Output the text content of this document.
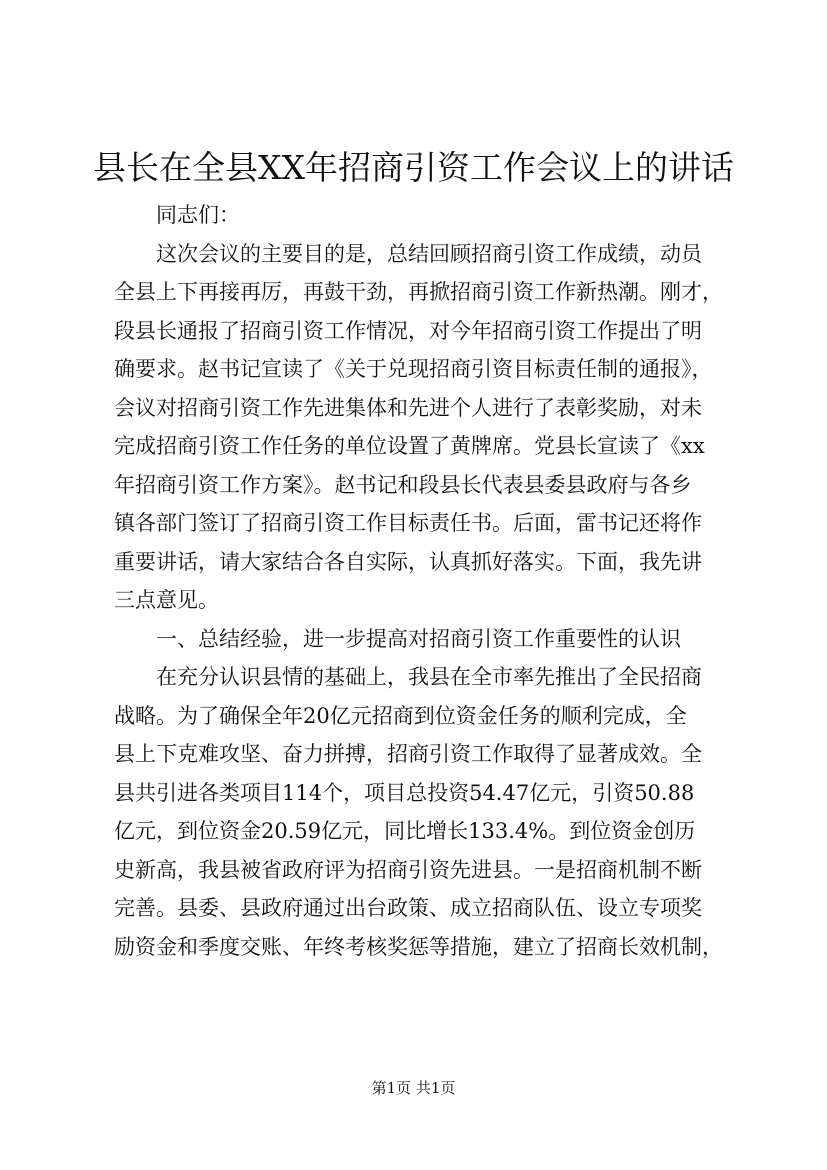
县长在全县XX年招商引资工作会议上的讲话
同志们：
这次会议的主要目的是，总结回顾招商引资工作成绩，动员
全县上下再接再厉，再鼓干劲，再掀招商引资工作新热潮。刚才，
段县长通报了招商引资工作情况，对今年招商引资工作提出了明
确要求。赵书记宣读了《关于兑现招商引资目标责任制的通报》，
会议对招商引资工作先进集体和先进个人进行了表彰奖励，对未
完成招商引资工作任务的单位设置了黄牌席。党县长宣读了《xx
年招商引资工作方案》。赵书记和段县长代表县委县政府与各乡
镇各部门签订了招商引资工作目标责任书。后面，雷书记还将作
重要讲话，请大家结合各自实际，认真抓好落实。下面，我先讲
三点意见。
一、总结经验，进一步提高对招商引资工作重要性的认识
在充分认识县情的基础上，我县在全市率先推出了全民招商
战略。为了确保全年20亿元招商到位资金任务的顺利完成，全
县上下克难攻坚、奋力拼搏，招商引资工作取得了显著成效。全
县共引进各类项目114个，项目总投资54.47亿元，引资50.88
亿元，到位资金20.59亿元，同比增长133.4%。到位资金创历
史新高，我县被省政府评为招商引资先进县。一是招商机制不断
完善。县委、县政府通过出台政策、成立招商队伍、设立专项奖
励资金和季度交账、年终考核奖惩等措施，建立了招商长效机制，
第1页 共1页
